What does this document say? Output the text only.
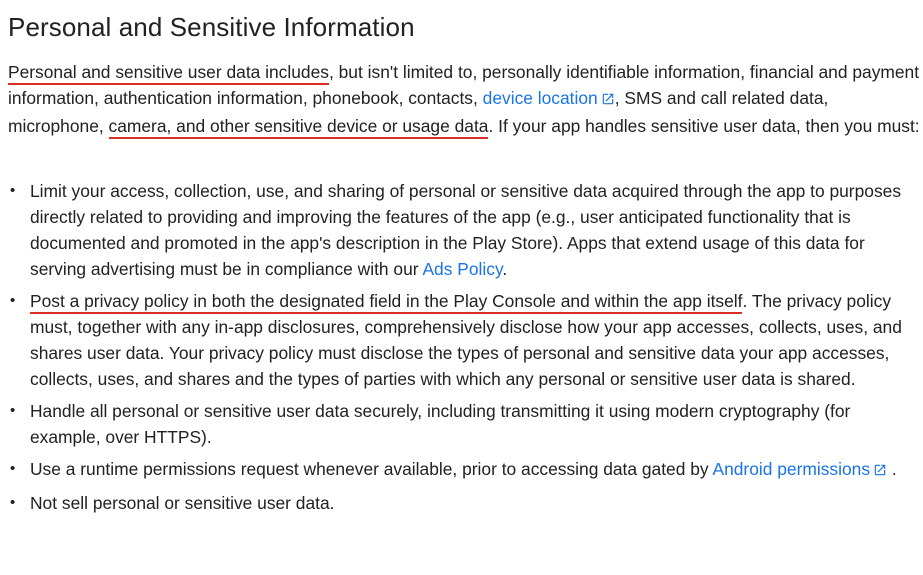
Personal and Sensitive Information

Personal and sensitive user data includes, but isn't limited to, personally identifiable information, financial and payment information, authentication information, phonebook, contacts, device location , SMS and call related data, microphone, camera, and other sensitive device or usage data. If your app handles sensitive user data, then you must:

• Limit your access, collection, use, and sharing of personal or sensitive data acquired through the app to purposes directly related to providing and improving the features of the app (e.g., user anticipated functionality that is documented and promoted in the app's description in the Play Store). Apps that extend usage of this data for serving advertising must be in compliance with our Ads Policy.
• Post a privacy policy in both the designated field in the Play Console and within the app itself. The privacy policy must, together with any in-app disclosures, comprehensively disclose how your app accesses, collects, uses, and shares user data. Your privacy policy must disclose the types of personal and sensitive data your app accesses, collects, uses, and shares and the types of parties with which any personal or sensitive user data is shared.
• Handle all personal or sensitive user data securely, including transmitting it using modern cryptography (for example, over HTTPS).
• Use a runtime permissions request whenever available, prior to accessing data gated by Android permissions .
• Not sell personal or sensitive user data.
